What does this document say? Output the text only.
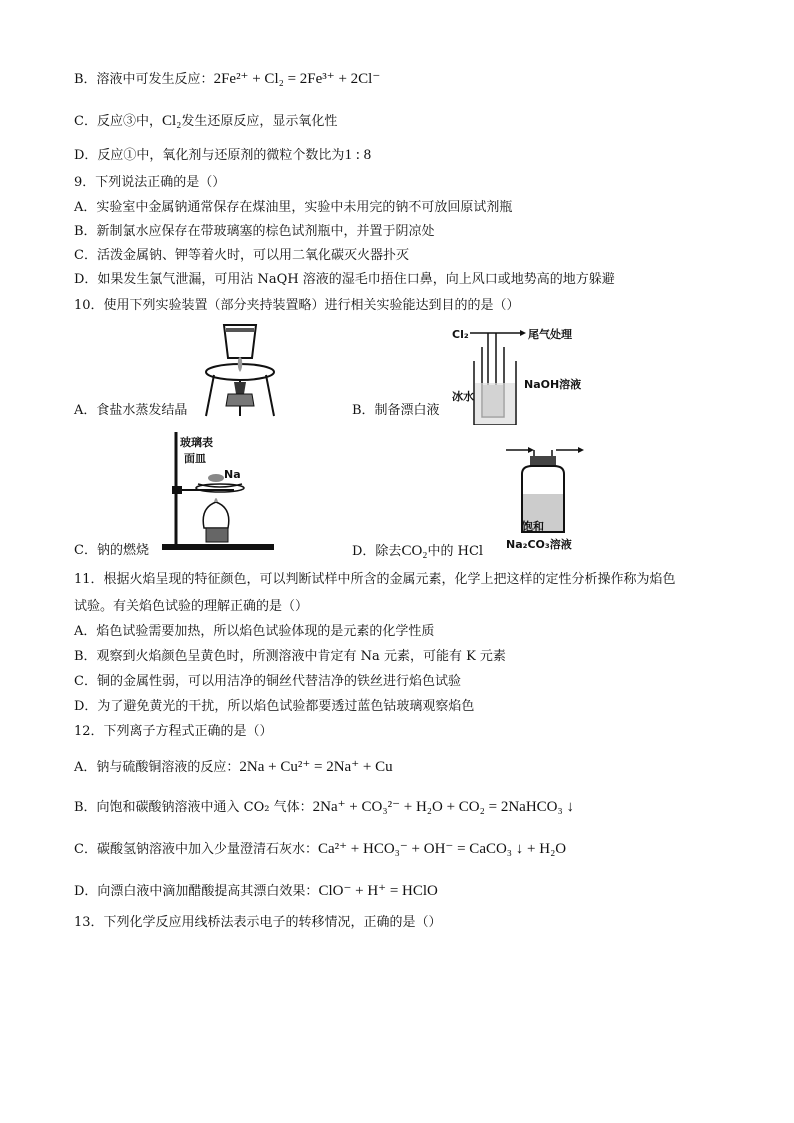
B．溶液中可发生反应：2Fe²⁺ + Cl₂ = 2Fe³⁺ + 2Cl⁻
C．反应③中，Cl₂发生还原反应，显示氧化性
D．反应①中，氧化剂与还原剂的微粒个数比为1 : 8
9．下列说法正确的是（）
A．实验室中金属钠通常保存在煤油里，实验中未用完的钠不可放回原试剂瓶
B．新制氯水应保存在带玻璃塞的棕色试剂瓶中，并置于阴凉处
C．活泼金属钠、钾等着火时，可以用二氧化碳灭火器扑灭
D．如果发生氯气泄漏，可用沾 NaQH 溶液的湿毛巾捂住口鼻，向上风口或地势高的地方躲避
10．使用下列实验装置（部分夹持装置略）进行相关实验能达到目的的是（）
A．食盐水蒸发结晶
Cl₂	尾气处理
冰水
NaOH溶液
B．制备漂白液
玻璃表
面皿
Na
C．钠的燃烧
饱和
Na₂CO₃溶液
D．除去CO₂中的 HCl
11．根据火焰呈现的特征颜色，可以判断试样中所含的金属元素，化学上把这样的定性分析操作称为焰色
试验。有关焰色试验的理解正确的是（）
A．焰色试验需要加热，所以焰色试验体现的是元素的化学性质
B．观察到火焰颜色呈黄色时，所测溶液中肯定有 Na 元素，可能有 K 元素
C．铜的金属性弱，可以用洁净的铜丝代替洁净的铁丝进行焰色试验
D．为了避免黄光的干扰，所以焰色试验都要透过蓝色钴玻璃观察焰色
12．下列离子方程式正确的是（）
A．钠与硫酸铜溶液的反应：2Na + Cu²⁺ = 2Na⁺ + Cu
B．向饱和碳酸钠溶液中通入 CO₂ 气体：2Na⁺ + CO₃²⁻ + H₂O + CO₂ = 2NaHCO₃ ↓
C．碳酸氢钠溶液中加入少量澄清石灰水：Ca²⁺ + HCO₃⁻ + OH⁻ = CaCO₃ ↓ + H₂O
D．向漂白液中滴加醋酸提高其漂白效果：ClO⁻ + H⁺ = HClO
13．下列化学反应用线桥法表示电子的转移情况，正确的是（）
